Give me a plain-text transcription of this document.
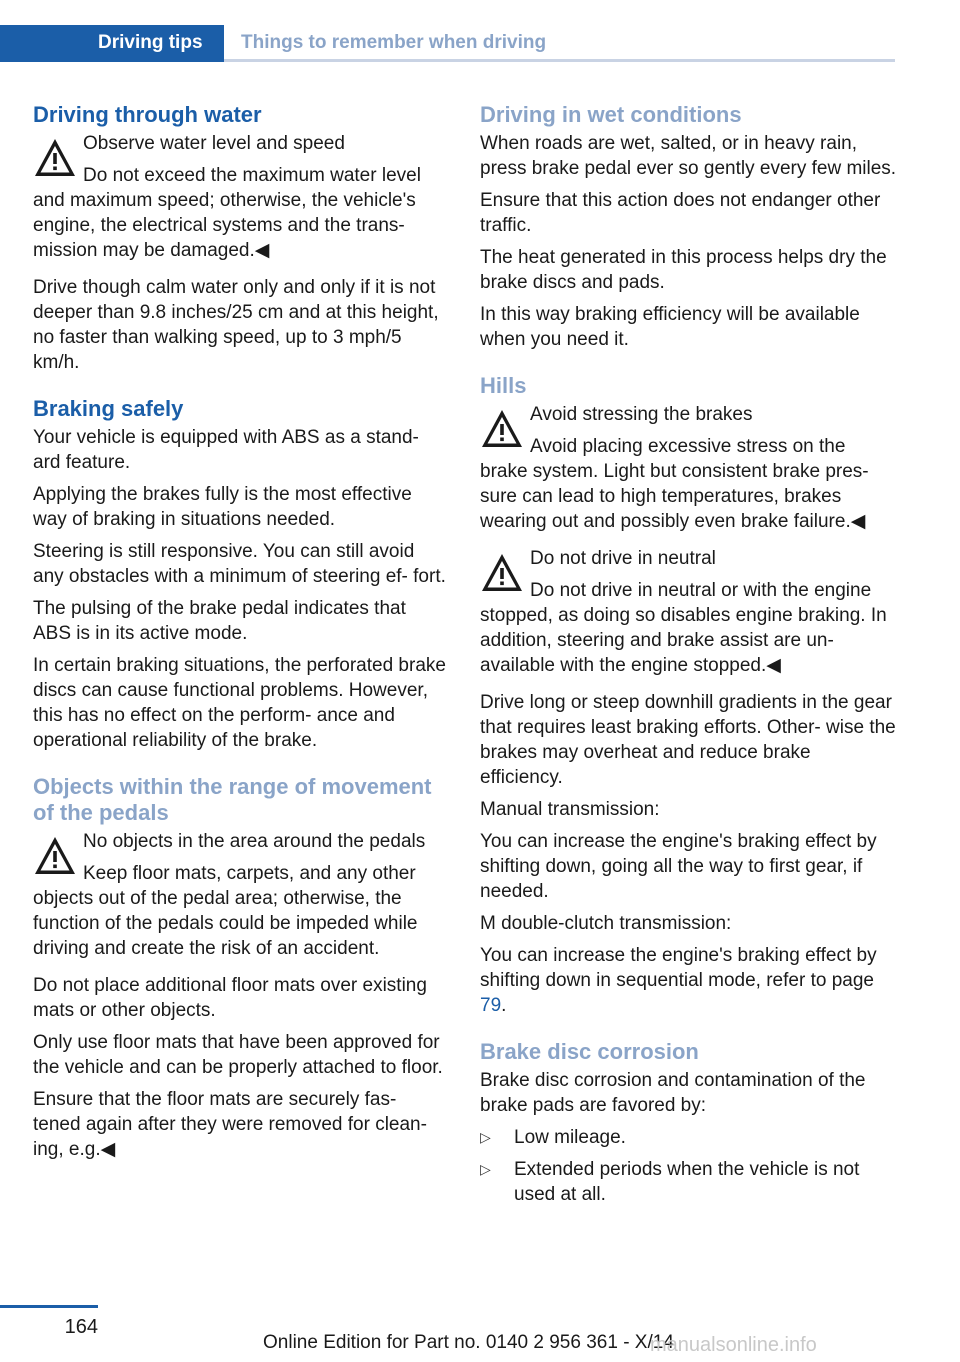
Driving tips	Things to remember when driving
Driving through water

Observe water level and speed

Do not exceed the maximum water level and maximum speed; otherwise, the vehicle's engine, the electrical systems and the trans‐ mission may be damaged.◀

Drive though calm water only and only if it is not deeper than 9.8 inches/25 cm and at this height, no faster than walking speed, up to 3 mph/5 km/h.

Braking safely

Your vehicle is equipped with ABS as a stand‐ ard feature.

Applying the brakes fully is the most effective way of braking in situations needed.

Steering is still responsive. You can still avoid any obstacles with a minimum of steering ef‐ fort.

The pulsing of the brake pedal indicates that ABS is in its active mode.

In certain braking situations, the perforated brake discs can cause functional problems. However, this has no effect on the perform‐ ance and operational reliability of the brake.

Objects within the range of movement of the pedals

No objects in the area around the pedals

Keep floor mats, carpets, and any other objects out of the pedal area; otherwise, the function of the pedals could be impeded while driving and create the risk of an accident.

Do not place additional floor mats over existing mats or other objects.

Only use floor mats that have been approved for the vehicle and can be properly attached to floor.

Ensure that the floor mats are securely fas‐ tened again after they were removed for clean‐ ing, e.g.◀

Driving in wet conditions

When roads are wet, salted, or in heavy rain, press brake pedal ever so gently every few miles.

Ensure that this action does not endanger other traffic.

The heat generated in this process helps dry the brake discs and pads.

In this way braking efficiency will be available when you need it.

Hills

Avoid stressing the brakes

Avoid placing excessive stress on the brake system. Light but consistent brake pres‐ sure can lead to high temperatures, brakes wearing out and possibly even brake failure.◀

Do not drive in neutral

Do not drive in neutral or with the engine stopped, as doing so disables engine braking. In addition, steering and brake assist are un‐ available with the engine stopped.◀

Drive long or steep downhill gradients in the gear that requires least braking efforts. Other‐ wise the brakes may overheat and reduce brake efficiency.

Manual transmission:

You can increase the engine's braking effect by shifting down, going all the way to first gear, if needed.

M double-clutch transmission:

You can increase the engine's braking effect by shifting down in sequential mode, refer to page 79.

Brake disc corrosion

Brake disc corrosion and contamination of the brake pads are favored by:

▷ Low mileage.
▷ Extended periods when the vehicle is not used at all.
164
Online Edition for Part no. 0140 2 956 361 - X/14
manualsonline.info
